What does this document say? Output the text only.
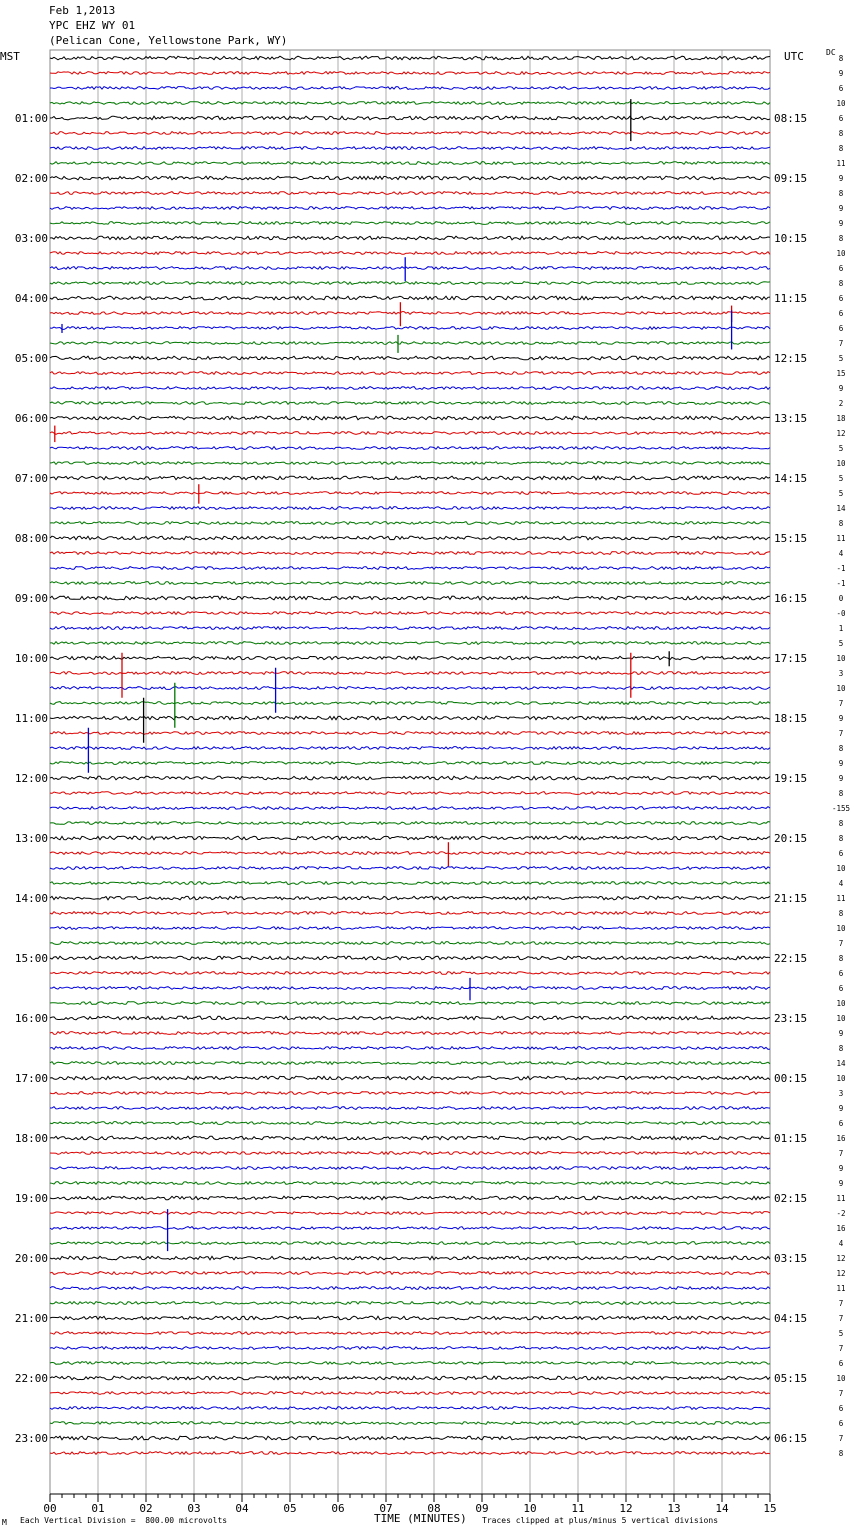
Feb 1,2013
YPC EHZ WY 01
(Pelican Cone, Yellowstone Park, WY)
MST	UTC	DC
8
9
6
10
6
8
8
11
9
8
9
9
8
10
6
8
6
6
6
7
5
15
9
2
18
12
5
10
5
5
14
8
11
4
-1
-1
0
-0
1
5
10
3
10
7
9
7
8
9
9
8
-155
8
8
6
10
4
11
8
10
7
8
6
6
10
10
9
8
14
10
3
9
6
16
7
9
9
11
-2
16
4
12
12
11
7
7
5
7
6
10
7
6
6
7
8
01:00
02:00
03:00
04:00
05:00
06:00
07:00
08:00
09:00
10:00
11:00
12:00
13:00
14:00
15:00
16:00
17:00
18:00
19:00
20:00
21:00
22:00
23:00
08:15
09:15
10:15
11:15
12:15
13:15
14:15
15:15
16:15
17:15
18:15
19:15
20:15
21:15
22:15
23:15
00:15
01:15
02:15
03:15
04:15
05:15
06:15
00	01	02	03	04	05	06	07	08	09	10	11	12	13	14	15
TIME (MINUTES)
M Each Vertical Division =  800.00 microvolts	Traces clipped at plus/minus 5 vertical divisions
